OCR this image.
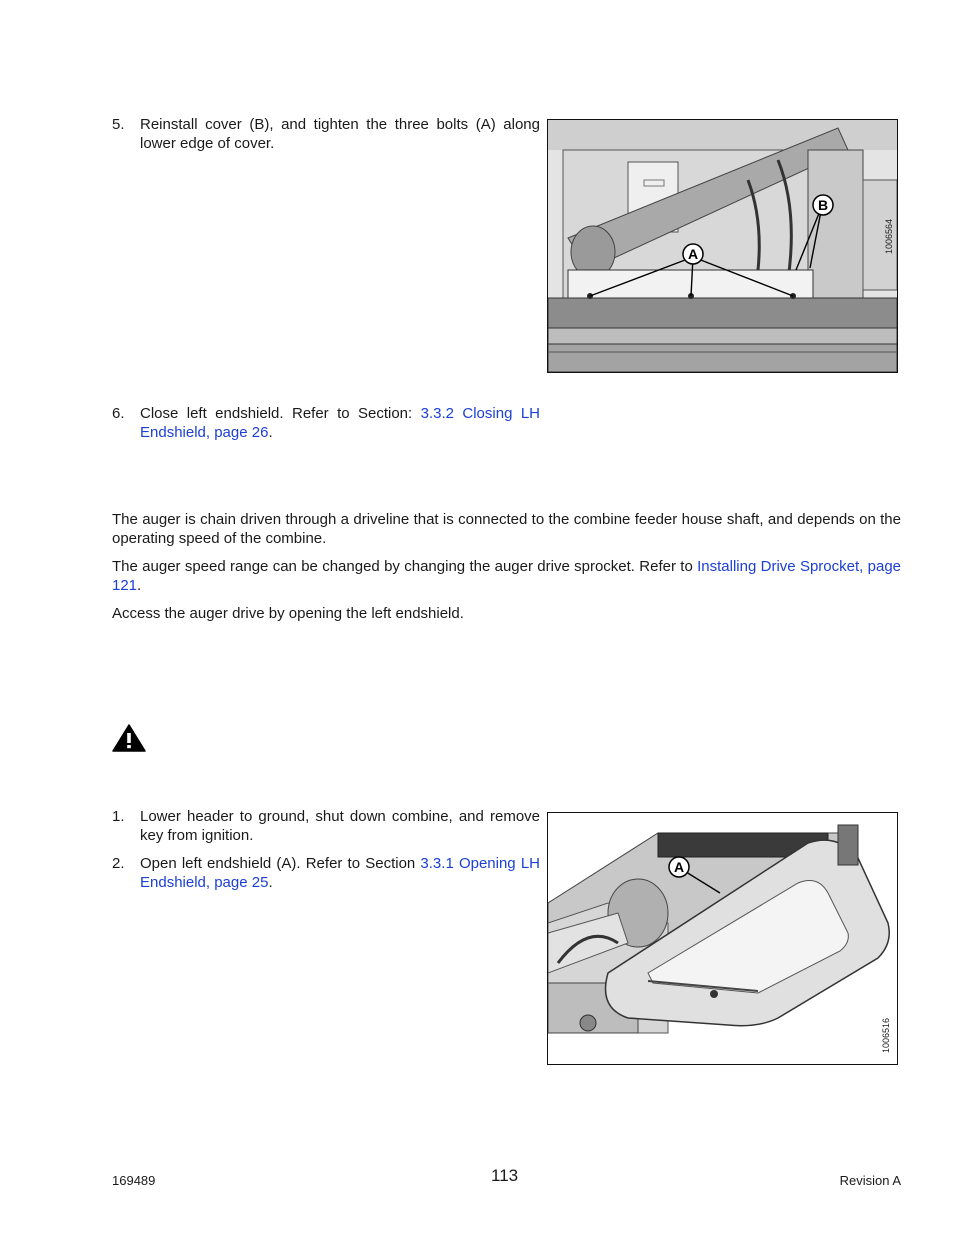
5. Reinstall cover (B), and tighten the three bolts (A) along lower edge of cover.
A
B
1006564
6. Close left endshield. Refer to Section: 3.3.2 Closing LH Endshield, page 26.
The auger is chain driven through a driveline that is connected to the combine feeder house shaft, and depends on the operating speed of the combine.
The auger speed range can be changed by changing the auger drive sprocket. Refer to Installing Drive Sprocket, page 121.
Access the auger drive by opening the left endshield.
1. Lower header to ground, shut down combine, and remove key from ignition.
2. Open left endshield (A). Refer to Section 3.3.1 Opening LH Endshield, page 25.
A
1006516
169489	113	Revision A
